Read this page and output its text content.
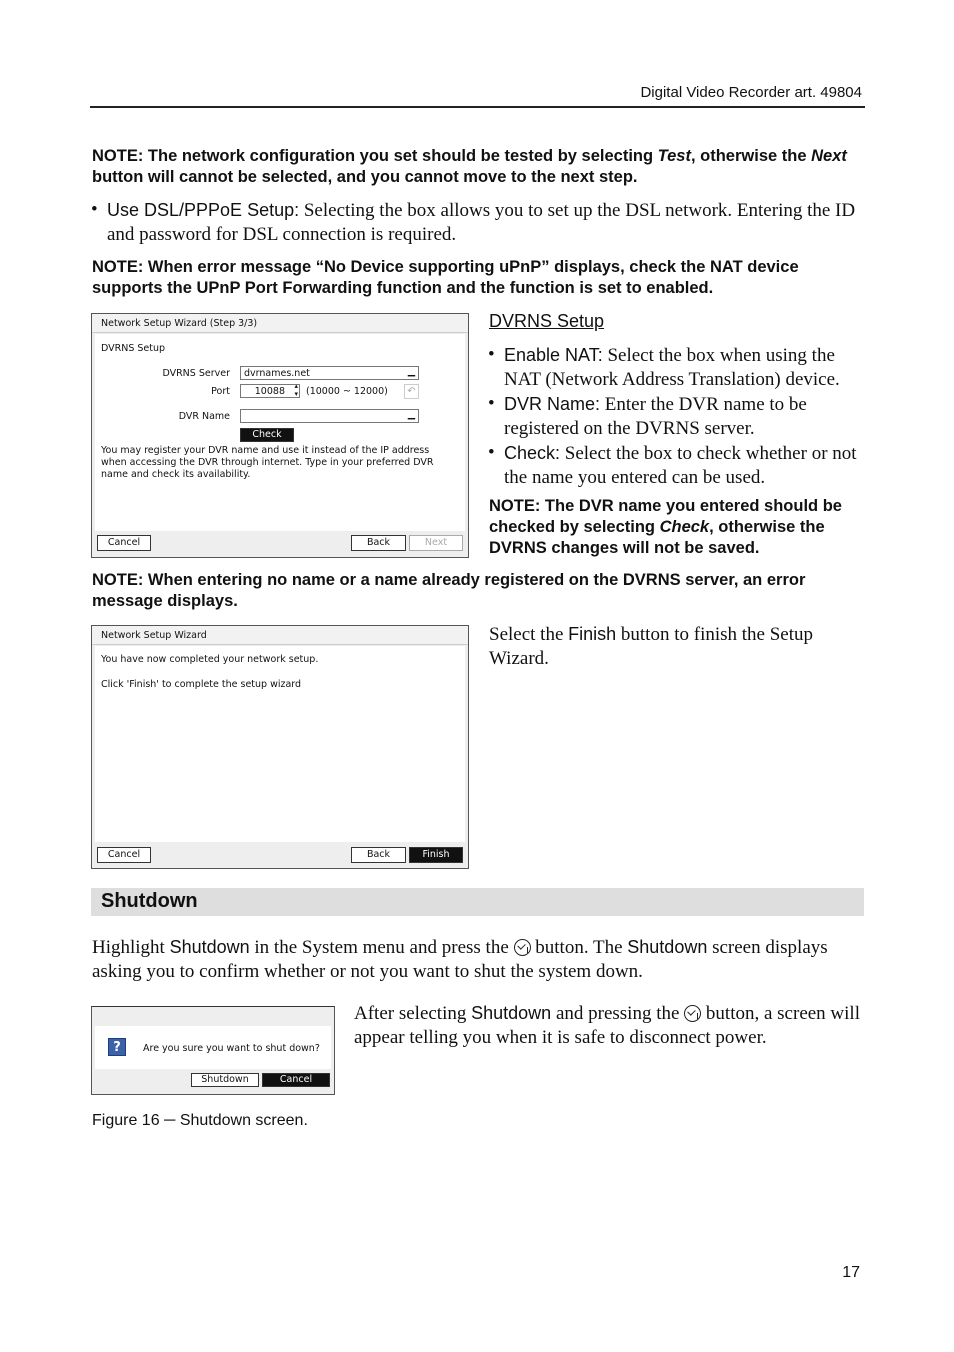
Digital Video Recorder art. 49804
NOTE: The network configuration you set should be tested by selecting Test, otherwise the Next button will cannot be selected, and you cannot move to the next step.
• Use DSL/PPPoE Setup: Selecting the box allows you to set up the DSL network. Entering the ID and password for DSL connection is required.
NOTE: When error message “No Device supporting uPnP” displays, check the NAT device supports the UPnP Port Forwarding function and the function is set to enabled.
Network Setup Wizard (Step 3/3)
DVRNS Setup
DVRNS Server	dvrnames.net	▁
Port	10088 ▴
▾ (10000 ~ 12000)	↶
DVR Name	▁
Check
You may register your DVR name and use it instead of the IP address when accessing the DVR through internet. Type in your preferred DVR name and check its availability.
Cancel	Back	Next
DVRNS Setup
• Enable NAT: Select the box when using the NAT (Network Address Translation) device.
• DVR Name: Enter the DVR name to be registered on the DVRNS server.
• Check: Select the box to check whether or not the name you entered can be used.
NOTE: The DVR name you entered should be checked by selecting Check, otherwise the DVRNS changes will not be saved.
NOTE: When entering no name or a name already registered on the DVRNS server, an error message displays.
Network Setup Wizard
You have now completed your network setup.
Click 'Finish' to complete the setup wizard
Cancel	Back	Finish
Select the Finish button to finish the Setup Wizard.
Shutdown
Highlight Shutdown in the System menu and press the  button. The Shutdown screen displays asking you to confirm whether or not you want to shut the system down.
?	Are you sure you want to shut down?
Shutdown	Cancel
After selecting Shutdown and pressing the  button, a screen will appear telling you when it is safe to disconnect power.
Figure 16 ─ Shutdown screen.
17
